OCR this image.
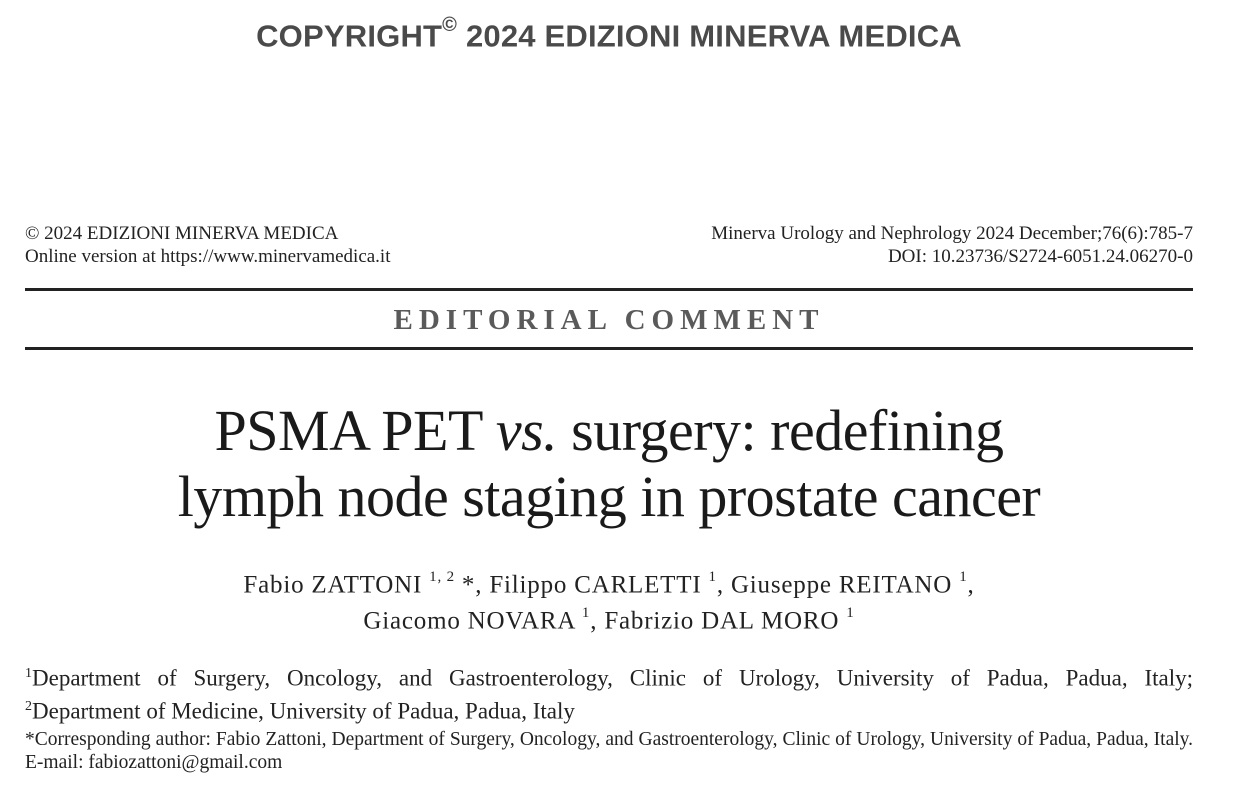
COPYRIGHT© 2024 EDIZIONI MINERVA MEDICA
© 2024 EDIZIONI MINERVA MEDICA
Online version at https://www.minervamedica.it
Minerva Urology and Nephrology 2024 December;76(6):785-7
DOI: 10.23736/S2724-6051.24.06270-0
EDITORIAL COMMENT
PSMA PET vs. surgery: redefining
lymph node staging in prostate cancer
Fabio ZATTONI $^{1, 2}$ *, Filippo CARLETTI $^1$, Giuseppe REITANO $^1$,
Giacomo NOVARA $^1$, Fabrizio DAL MORO $^1$
$^1$Department of Surgery, Oncology, and Gastroenterology, Clinic of Urology, University of Padua, Padua, Italy;
$^2$Department of Medicine, University of Padua, Padua, Italy
*Corresponding author: Fabio Zattoni, Department of Surgery, Oncology, and Gastroenterology, Clinic of Urology, University of Padua, Padua, Italy. E-mail: fabiozattoni@gmail.com
